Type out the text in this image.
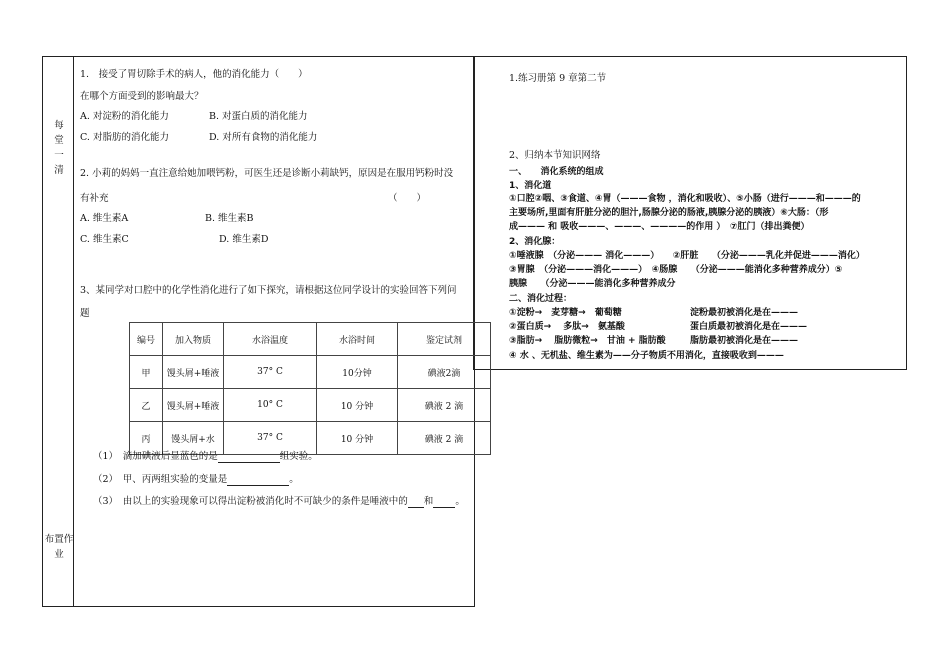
每堂一清
布置作业
1.　接受了胃切除手术的病人，他的消化能力（　　）
在哪个方面受到的影响最大？
A. 对淀粉的消化能力	B. 对蛋白质的消化能力
C. 对脂肪的消化能力	D. 对所有食物的消化能力
2. 小莉的妈妈一直注意给她加喂钙粉，可医生还是诊断小莉缺钙，原因是在服用钙粉时没
有补充	（　　）
A. 维生素A	B. 维生素B
C. 维生素C	D. 维生素D
3、某同学对口腔中的化学性消化进行了如下探究，请根据这位同学设计的实验回答下列问
题
编号	加入物质	水浴温度	水浴时间	鉴定试剂
甲	馒头屑+唾液	37° C	10分钟	碘液2滴
乙	馒头屑+唾液	10° C	10 分钟	碘液 2 滴
丙	馒头屑+水	37° C	10 分钟	碘液 2 滴
（1）　滴加碘液后显蓝色的是	组实验。
（2）　甲、丙两组实验的变量是	。
（3）　由以上的实验现象可以得出淀粉被消化时不可缺少的条件是唾液中的 和 。
1.练习册第 9 章第二节
2、归纳本节知识网络
一、　　消化系统的组成
1、消化道
①口腔②咽、③食道、④胃（———食物 ，消化和吸收）、⑤小肠（进行———和———的
主要场所,里面有肝脏分泌的胆汁,肠腺分泌的肠液,胰腺分泌的胰液）⑥大肠：（形
成——— 和 吸收———、———、————的作用 ）　⑦肛门（排出粪便）
2、消化腺：
①唾液腺　（分泌——— 消化———）　　②肝脏　　（分泌———乳化并促进———消化）
③胃腺　（分泌———消化———）　④肠腺　　（分泌———能消化多种营养成分）⑤
胰腺　　（分泌———能消化多种营养成分
二、消化过程：
①淀粉→　麦芽糖→　葡萄糖	淀粉最初被消化是在———
②蛋白质→　 多肽→　氨基酸	蛋白质最初被消化是在———
③脂肪→　 脂肪微粒→　甘油 + 脂肪酸	脂肪最初被消化是在———
④ 水 、无机盐、维生素为——分子物质不用消化，直接吸收到———
